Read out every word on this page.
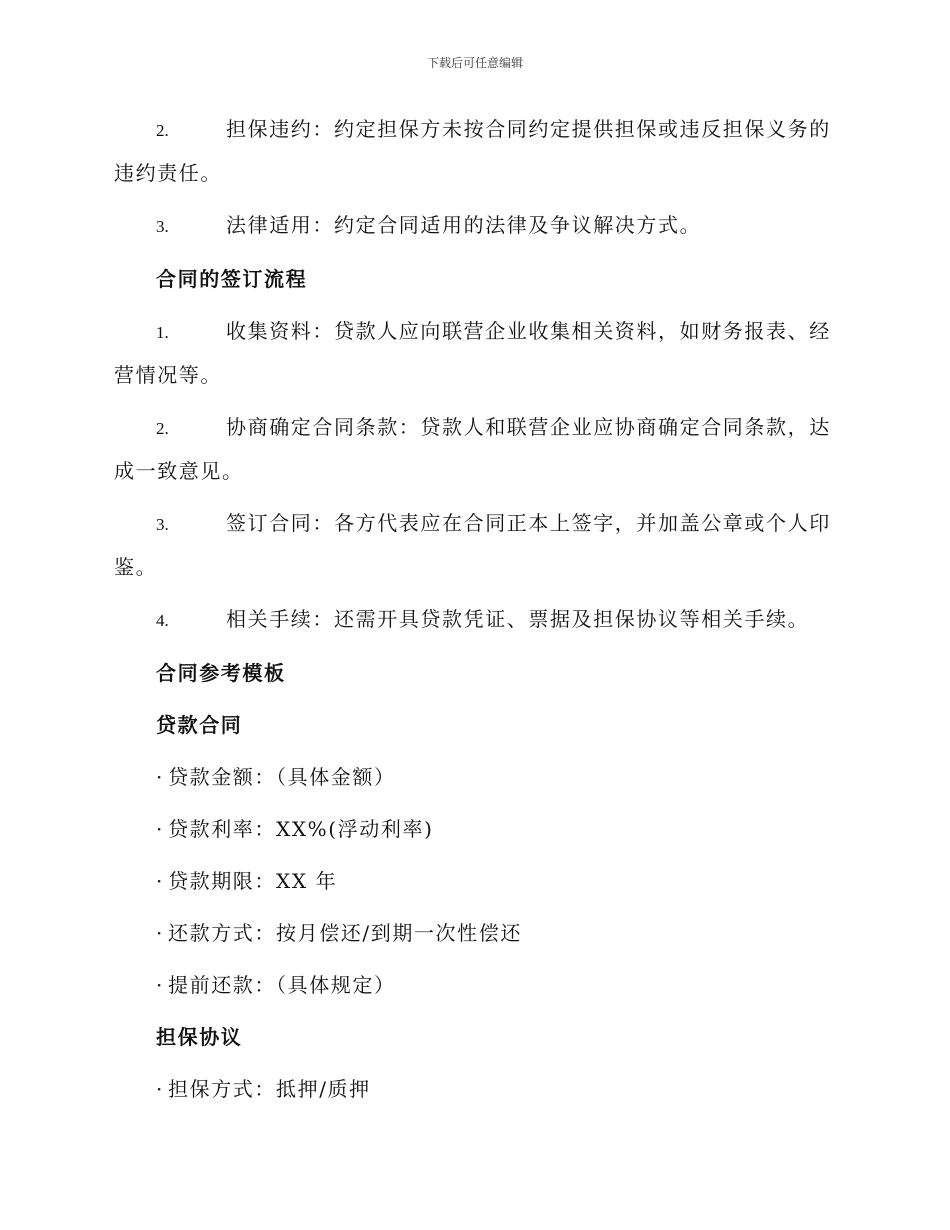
下载后可任意编辑
2.	担保违约：约定担保方未按合同约定提供担保或违反担保义务的违约责任。
3.	法律适用：约定合同适用的法律及争议解决方式。
合同的签订流程
1.	收集资料：贷款人应向联营企业收集相关资料，如财务报表、经营情况等。
2.	协商确定合同条款：贷款人和联营企业应协商确定合同条款，达成一致意见。
3.	签订合同：各方代表应在合同正本上签字，并加盖公章或个人印鉴。
4.	相关手续：还需开具贷款凭证、票据及担保协议等相关手续。
合同参考模板
贷款合同
· 贷款金额：（具体金额）
· 贷款利率：XX%(浮动利率)
· 贷款期限：XX 年
· 还款方式：按月偿还/到期一次性偿还
· 提前还款：（具体规定）
担保协议
· 担保方式：抵押/质押
